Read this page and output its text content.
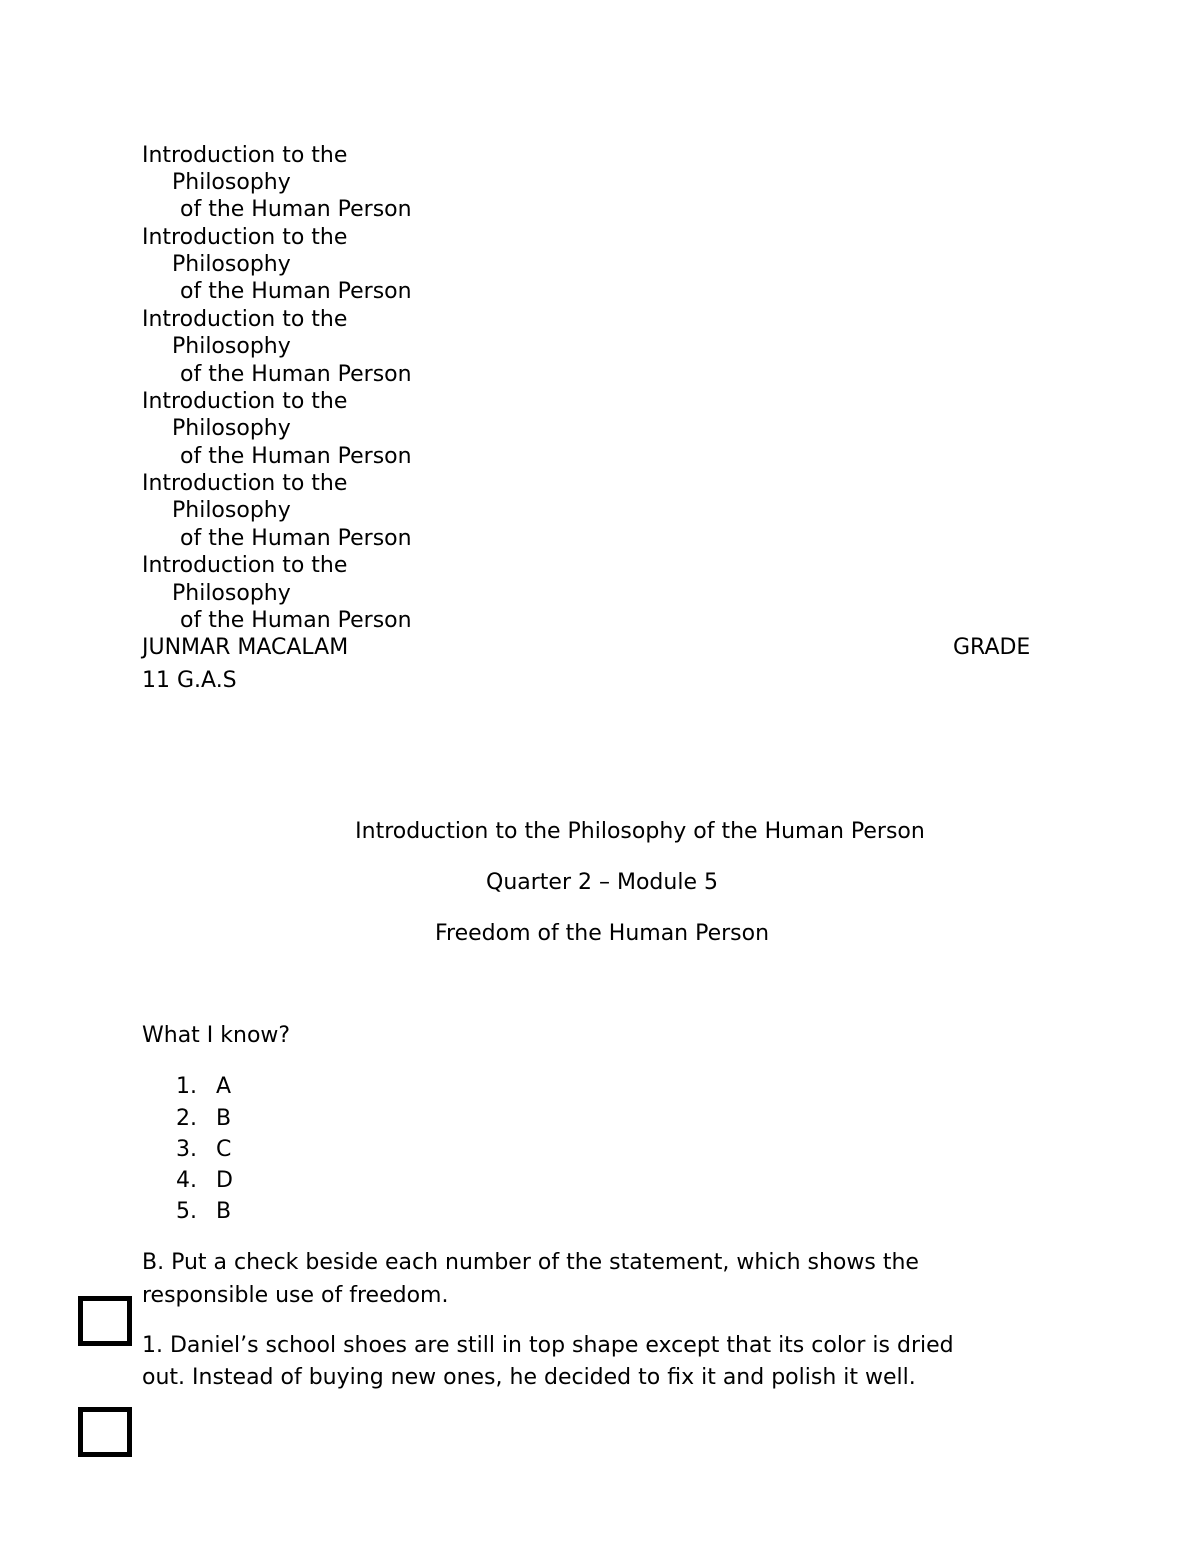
Introduction to the
Philosophy
of the Human Person
Introduction to the
Philosophy
of the Human Person
Introduction to the
Philosophy
of the Human Person
Introduction to the
Philosophy
of the Human Person
Introduction to the
Philosophy
of the Human Person
Introduction to the
Philosophy
of the Human Person
JUNMAR MACALAM	GRADE
11 G.A.S
Introduction to the Philosophy of the Human Person
Quarter 2 – Module 5
Freedom of the Human Person
What I know?
1. A
2. B
3. C
4. D
5. B
B. Put a check beside each number of the statement, which shows the
responsible use of freedom.
1. Daniel’s school shoes are still in top shape except that its color is dried
out. Instead of buying new ones, he decided to fix it and polish it well.
